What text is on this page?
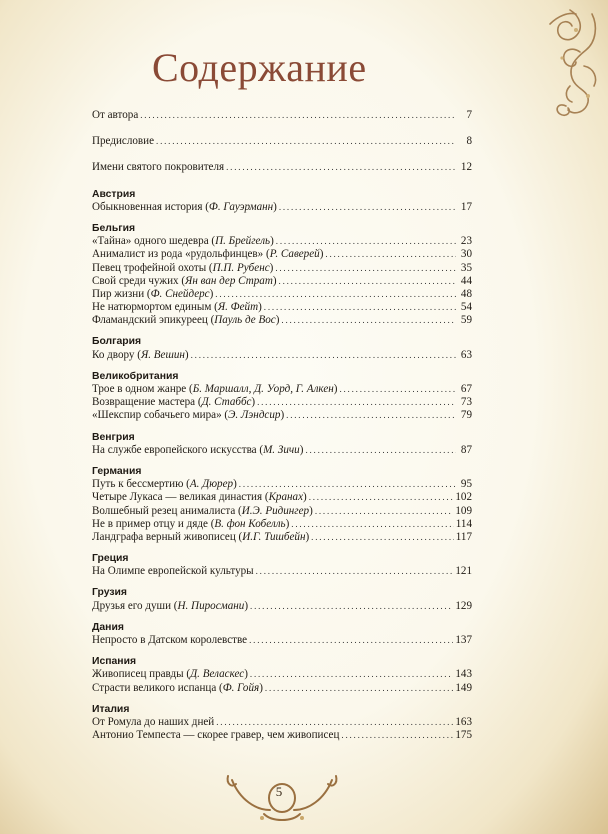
Содержание
От автора .....	7
Предисловие .....	8
Имени святого покровителя .....	12
Австрия
Обыкновенная история (Ф. Гауэрманн) .....	17
Бельгия
«Тайна» одного шедевра (П. Брейгель) .....	23
Анималист из рода «рудольфинцев» (Р. Саверей) .....	30
Певец трофейной охоты (П.П. Рубенс) .....	35
Свой среди чужих (Ян ван дер Страт) .....	44
Пир жизни (Ф. Снейдерс) .....	48
Не натюрмортом единым (Я. Фейт) .....	54
Фламандский эпикуреец (Пауль де Вос) .....	59
Болгария
Ко двору (Я. Вешин) .....	63
Великобритания
Трое в одном жанре (Б. Маршалл, Д. Уорд, Г. Алкен) .....	67
Возвращение мастера (Д. Стаббс) .....	73
«Шекспир собачьего мира» (Э. Лэндсир) .....	79
Венгрия
На службе европейского искусства (М. Зичи) .....	87
Германия
Путь к бессмертию (А. Дюрер) .....	95
Четыре Лукаса — великая династия (Кранах) .....	102
Волшебный резец анималиста (И.Э. Ридингер) .....	109
Не в пример отцу и дяде (В. фон Кобелль) .....	114
Ландграфа верный живописец (И.Г. Тишбейн) .....	117
Греция
На Олимпе европейской культуры .....	121
Грузия
Друзья его души (Н. Пиросмани) .....	129
Дания
Непросто в Датском королевстве .....	137
Испания
Живописец правды (Д. Веласкес) .....	143
Страсти великого испанца (Ф. Гойя) .....	149
Италия
От Ромула до наших дней .....	163
Антонио Темпеста — скорее гравер, чем живописец .....	175
5
